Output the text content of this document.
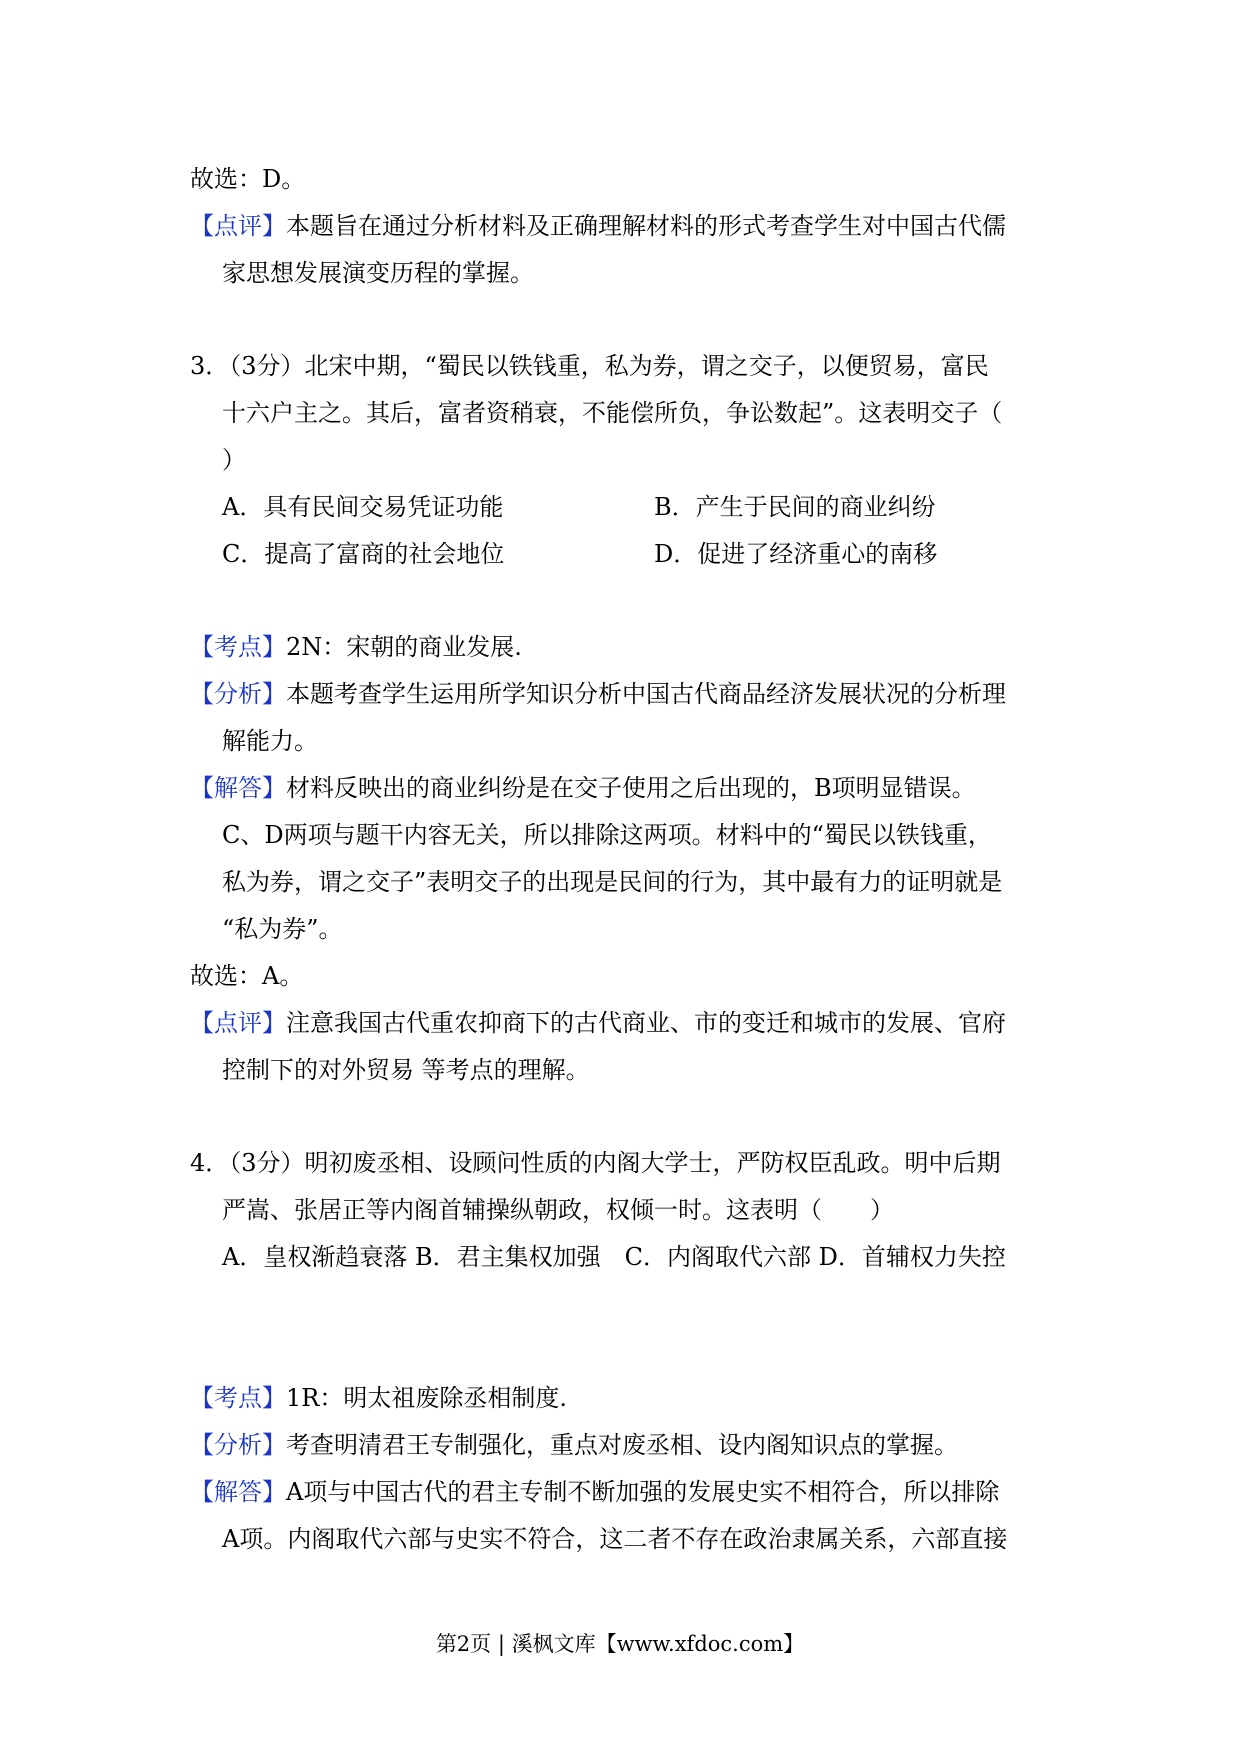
故选：D。
【点评】本题旨在通过分析材料及正确理解材料的形式考查学生对中国古代儒
家思想发展演变历程的掌握。
3．（3分）北宋中期，“蜀民以铁钱重，私为券，谓之交子，以便贸易，富民
十六户主之。其后，富者资稍衰，不能偿所负，争讼数起”。这表明交子（
）
A．具有民间交易凭证功能	B．产生于民间的商业纠纷
C．提高了富商的社会地位	D．促进了经济重心的南移
【考点】2N：宋朝的商业发展.
【分析】本题考查学生运用所学知识分析中国古代商品经济发展状况的分析理
解能力。
【解答】材料反映出的商业纠纷是在交子使用之后出现的，B项明显错误。
C、D两项与题干内容无关，所以排除这两项。材料中的“蜀民以铁钱重，
私为券，谓之交子”表明交子的出现是民间的行为，其中最有力的证明就是
“私为券”。
故选：A。
【点评】注意我国古代重农抑商下的古代商业、市的变迁和城市的发展、官府
控制下的对外贸易 等考点的理解。
4．（3分）明初废丞相、设顾问性质的内阁大学士，严防权臣乱政。明中后期
严嵩、张居正等内阁首辅操纵朝政，权倾一时。这表明（　　）
A．皇权渐趋衰落 B．君主集权加强　C．内阁取代六部 D．首辅权力失控
【考点】1R：明太祖废除丞相制度.
【分析】考查明清君王专制强化，重点对废丞相、设内阁知识点的掌握。
【解答】A项与中国古代的君主专制不断加强的发展史实不相符合，所以排除
A项。内阁取代六部与史实不符合，这二者不存在政治隶属关系，六部直接
第2页 | 溪枫文库【www.xfdoc.com】
